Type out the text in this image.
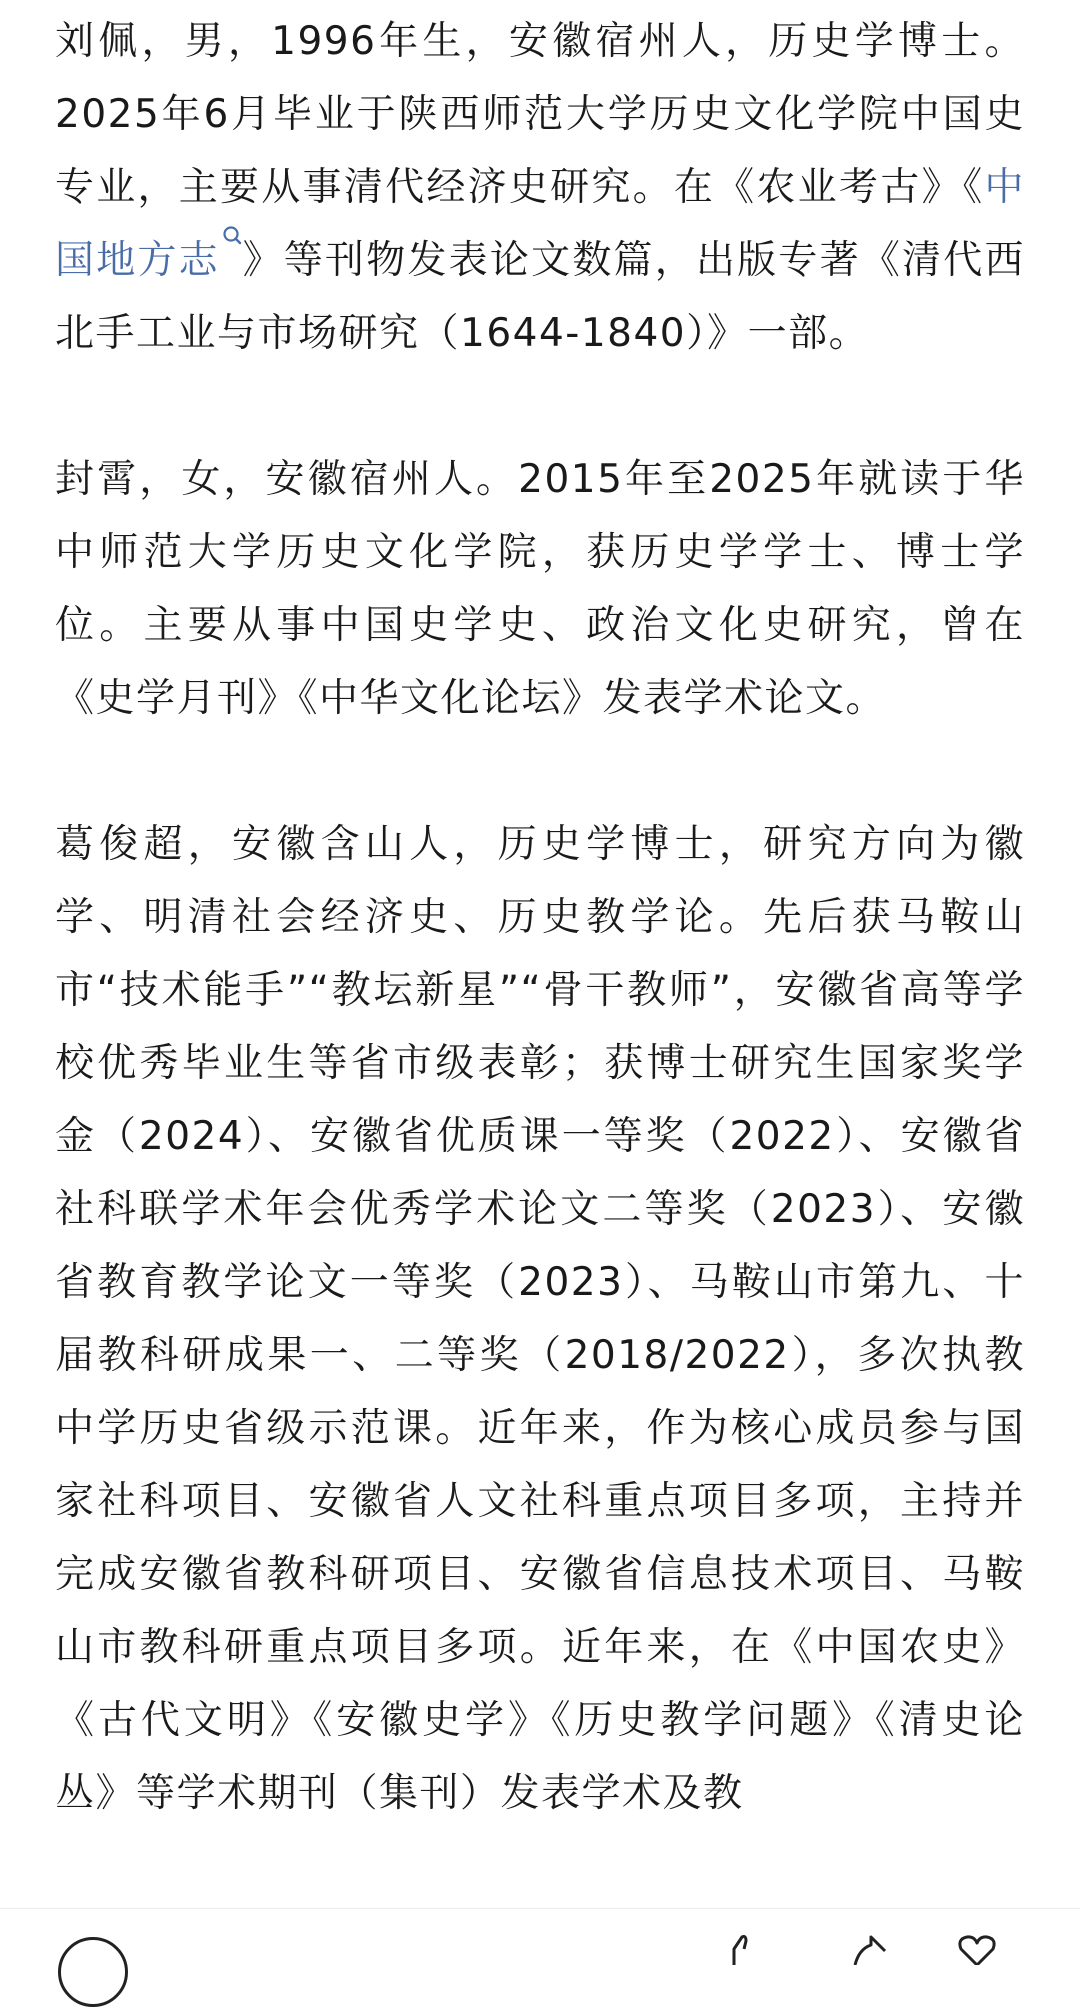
刘佩，男，1996年生，安徽宿州人，历史学博士。2025年6月毕业于陕西师范大学历史文化学院中国史专业，主要从事清代经济史研究。在《农业考古》《中国地方志 》等刊物发表论文数篇，出版专著《清代西北手工业与市场研究（1644-1840）》一部。

封霄，女，安徽宿州人。2015年至2025年就读于华中师范大学历史文化学院，获历史学学士、博士学位。主要从事中国史学史、政治文化史研究，曾在《史学月刊》《中华文化论坛》发表学术论文。

葛俊超，安徽含山人，历史学博士，研究方向为徽学、明清社会经济史、历史教学论。先后获马鞍山市“技术能手”“教坛新星”“骨干教师”，安徽省高等学校优秀毕业生等省市级表彰；获博士研究生国家奖学金（2024）、安徽省优质课一等奖（2022）、安徽省社科联学术年会优秀学术论文二等奖（2023）、安徽省教育教学论文一等奖（2023）、马鞍山市第九、十届教科研成果一、二等奖（2018/2022），多次执教中学历史省级示范课。近年来，作为核心成员参与国家社科项目、安徽省人文社科重点项目多项，主持并完成安徽省教科研项目、安徽省信息技术项目、马鞍山市教科研重点项目多项。近年来，在《中国农史》《古代文明》《安徽史学》《历史教学问题》《清史论丛》等学术期刊（集刊）发表学术及教
